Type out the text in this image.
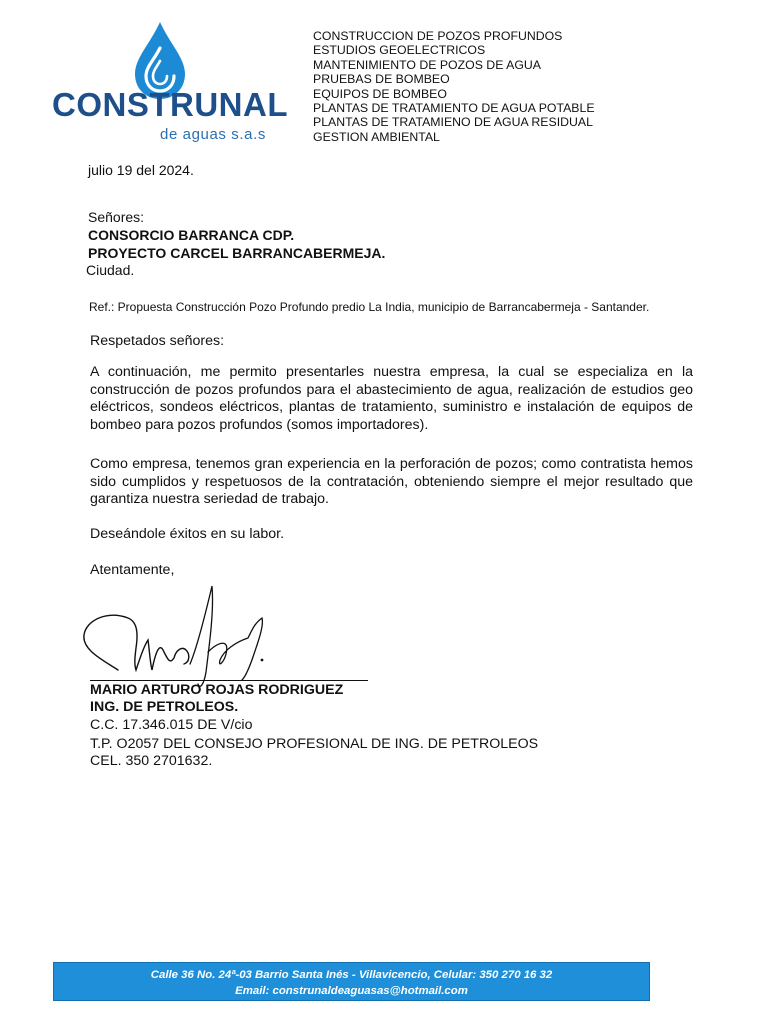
CONSTRUNAL
de aguas s.a.s
CONSTRUCCION DE POZOS PROFUNDOS
ESTUDIOS GEOELECTRICOS
MANTENIMIENTO DE POZOS DE AGUA
PRUEBAS DE BOMBEO
EQUIPOS DE BOMBEO
PLANTAS DE TRATAMIENTO DE AGUA POTABLE
PLANTAS DE TRATAMIENO DE AGUA RESIDUAL
GESTION AMBIENTAL
julio 19 del 2024.
Señores:
CONSORCIO BARRANCA CDP.
PROYECTO CARCEL BARRANCABERMEJA.
Ciudad.
Ref.: Propuesta Construcción Pozo Profundo predio La India, municipio de Barrancabermeja - Santander.
Respetados señores:
A continuación, me permito presentarles nuestra empresa, la cual se especializa en la construcción de pozos profundos para el abastecimiento de agua, realización de estudios geo eléctricos, sondeos eléctricos, plantas de tratamiento, suministro e instalación de equipos de bombeo para pozos profundos (somos importadores).
Como empresa, tenemos gran experiencia en la perforación de pozos; como contratista hemos sido cumplidos y respetuosos de la contratación, obteniendo siempre el mejor resultado que garantiza nuestra seriedad de trabajo.
Deseándole éxitos en su labor.
Atentamente,
MARIO ARTURO ROJAS RODRIGUEZ
ING. DE PETROLEOS.
C.C. 17.346.015 DE V/cio
T.P. O2057 DEL CONSEJO PROFESIONAL DE ING. DE PETROLEOS
CEL. 350 2701632.
Calle 36 No. 24ª-03 Barrio Santa Inés - Villavicencio, Celular: 350 270 16 32
Email: construnaldeaguasas@hotmail.com
